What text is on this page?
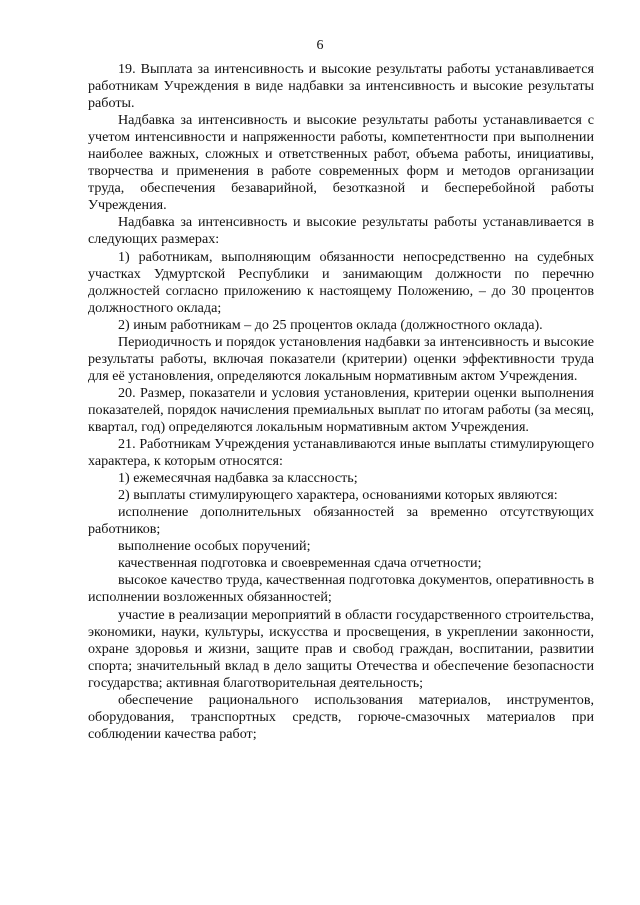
6

19. Выплата за интенсивность и высокие результаты работы устанавливается работникам Учреждения в виде надбавки за интенсивность и высокие результаты работы.

Надбавка за интенсивность и высокие результаты работы устанавливается с учетом интенсивности и напряженности работы, компетентности при выполнении наиболее важных, сложных и ответственных работ, объема работы, инициативы, творчества и применения в работе современных форм и методов организации труда, обеспечения безаварийной, безотказной и бесперебойной работы Учреждения.

Надбавка за интенсивность и высокие результаты работы устанавливается в следующих размерах:

1) работникам, выполняющим обязанности непосредственно на судебных участках Удмуртской Республики и занимающим должности по перечню должностей согласно приложению к настоящему Положению, – до 30 процентов должностного оклада;

2) иным работникам – до 25 процентов оклада (должностного оклада).

Периодичность и порядок установления надбавки за интенсивность и высокие результаты работы, включая показатели (критерии) оценки эффективности труда для её установления, определяются локальным нормативным актом Учреждения.

20. Размер, показатели и условия установления, критерии оценки выполнения показателей, порядок начисления премиальных выплат по итогам работы (за месяц, квартал, год) определяются локальным нормативным актом Учреждения.

21. Работникам Учреждения устанавливаются иные выплаты стимулирующего характера, к которым относятся:

1) ежемесячная надбавка за классность;

2) выплаты стимулирующего характера, основаниями которых являются:

исполнение дополнительных обязанностей за временно отсутствующих работников;

выполнение особых поручений;

качественная подготовка и своевременная сдача отчетности;

высокое качество труда, качественная подготовка документов, оперативность в исполнении возложенных обязанностей;

участие в реализации мероприятий в области государственного строительства, экономики, науки, культуры, искусства и просвещения, в укреплении законности, охране здоровья и жизни, защите прав и свобод граждан, воспитании, развитии спорта; значительный вклад в дело защиты Отечества и обеспечение безопасности государства; активная благотворительная деятельность;

обеспечение рационального использования материалов, инструментов, оборудования, транспортных средств, горюче-смазочных материалов при соблюдении качества работ;
